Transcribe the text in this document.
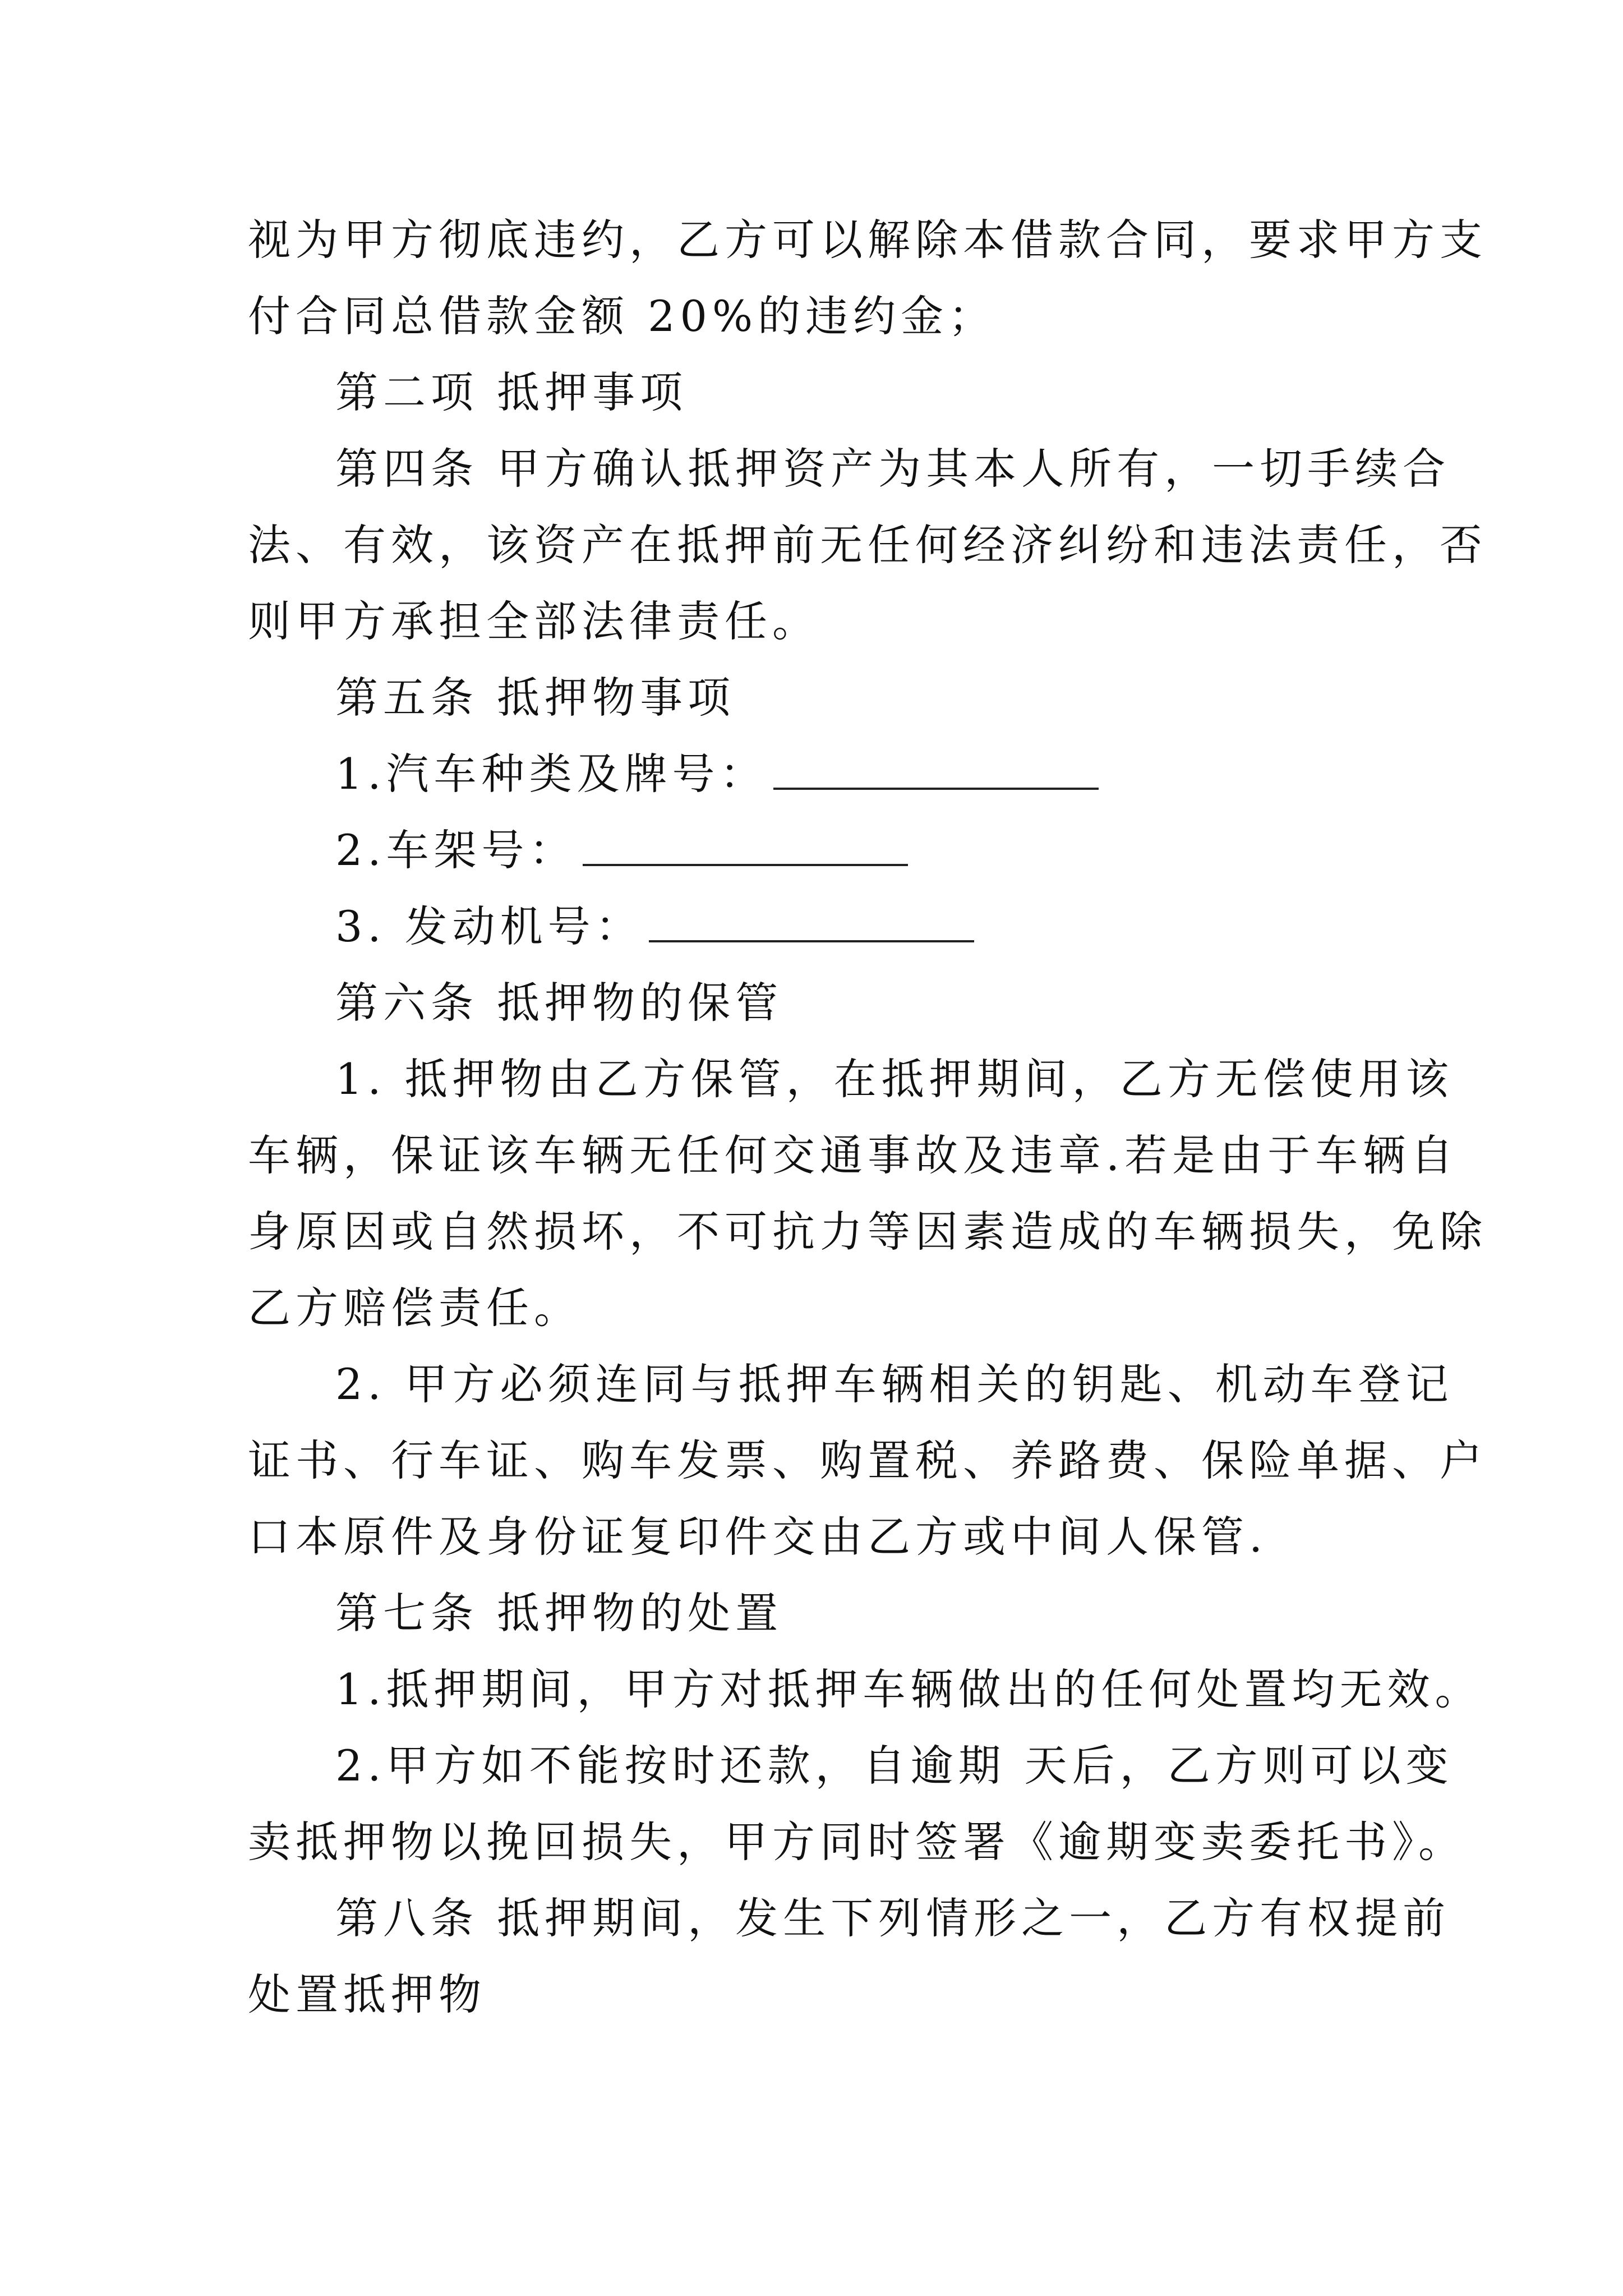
视为甲方彻底违约，乙方可以解除本借款合同，要求甲方支
付合同总借款金额 20%的违约金；
第二项 抵押事项
第四条 甲方确认抵押资产为其本人所有，一切手续合
法、有效，该资产在抵押前无任何经济纠纷和违法责任，否
则甲方承担全部法律责任。
第五条 抵押物事项
1.汽车种类及牌号：
2.车架号：
3. 发动机号：
第六条 抵押物的保管
1. 抵押物由乙方保管，在抵押期间，乙方无偿使用该
车辆，保证该车辆无任何交通事故及违章.若是由于车辆自
身原因或自然损坏，不可抗力等因素造成的车辆损失，免除
乙方赔偿责任。
2. 甲方必须连同与抵押车辆相关的钥匙、机动车登记
证书、行车证、购车发票、购置税、养路费、保险单据、户
口本原件及身份证复印件交由乙方或中间人保管.
第七条 抵押物的处置
1.抵押期间，甲方对抵押车辆做出的任何处置均无效。
2.甲方如不能按时还款，自逾期 天后，乙方则可以变
卖抵押物以挽回损失，甲方同时签署《逾期变卖委托书》。
第八条 抵押期间，发生下列情形之一，乙方有权提前
处置抵押物
